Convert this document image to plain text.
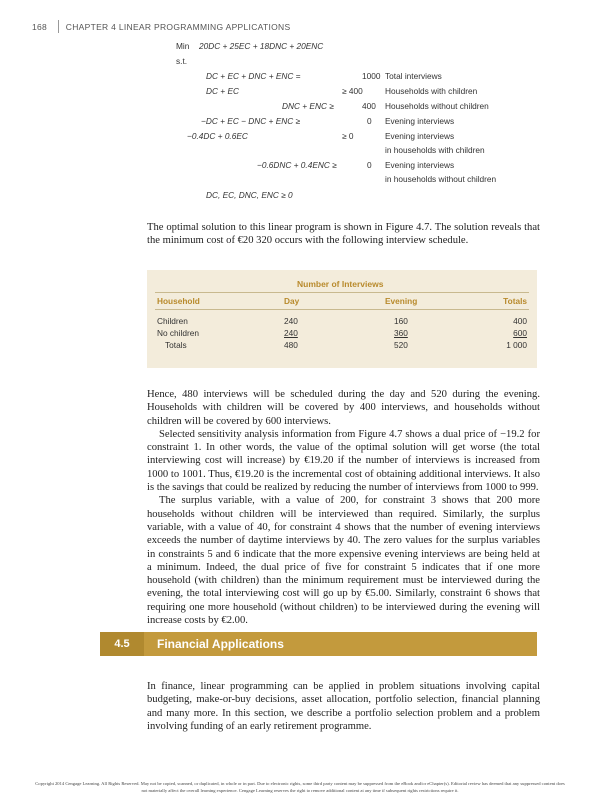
168 CHAPTER 4 LINEAR PROGRAMMING APPLICATIONS
Min 20DC + 25EC + 18DNC + 20ENC
s.t.
DC + EC + DNC + ENC =	1000 Total interviews
DC + EC	≥ 400	Households with children
DNC + ENC ≥	400 Households without children
−DC + EC − DNC + ENC ≥	0 Evening interviews
−0.4DC + 0.6EC	≥ 0	Evening interviews
in households with children
−0.6DNC + 0.4ENC ≥	0 Evening interviews
in households without children
DC, EC, DNC, ENC ≥ 0

The optimal solution to this linear program is shown in Figure 4.7. The solution reveals that the minimum cost of €20 320 occurs with the following interview schedule.

Number of Interviews
Household	Day	Evening	Totals
Children	240	160	400
No children	240	360	600
Totals	480	520	1 000

Hence, 480 interviews will be scheduled during the day and 520 during the evening. Households with children will be covered by 400 interviews, and households without children will be covered by 600 interviews.

Selected sensitivity analysis information from Figure 4.7 shows a dual price of −19.2 for constraint 1. In other words, the value of the optimal solution will get worse (the total interviewing cost will increase) by €19.20 if the number of interviews is increased from 1000 to 1001. Thus, €19.20 is the incremental cost of obtaining additional interviews. It also is the savings that could be realized by reducing the number of interviews from 1000 to 999.

The surplus variable, with a value of 200, for constraint 3 shows that 200 more households without children will be interviewed than required. Similarly, the surplus variable, with a value of 40, for constraint 4 shows that the number of evening interviews exceeds the number of daytime interviews by 40. The zero values for the surplus variables in constraints 5 and 6 indicate that the more expensive evening interviews are being held at a minimum. Indeed, the dual price of five for constraint 5 indicates that if one more household (with children) than the minimum requirement must be interviewed during the evening, the total interviewing cost will go up by €5.00. Similarly, constraint 6 shows that requiring one more household (without children) to be interviewed during the evening will increase costs by €2.00.

4.5	Financial Applications

In finance, linear programming can be applied in problem situations involving capital budgeting, make-or-buy decisions, asset allocation, portfolio selection, financial planning and many more. In this section, we describe a portfolio selection problem and a problem involving funding of an early retirement programme.

Copyright 2014 Cengage Learning. All Rights Reserved. May not be copied, scanned, or duplicated, in whole or in part. Due to electronic rights, some third party content may be suppressed from the eBook and/or eChapter(s). Editorial review has deemed that any suppressed content does not materially affect the overall learning experience. Cengage Learning reserves the right to remove additional content at any time if subsequent rights restrictions require it.
